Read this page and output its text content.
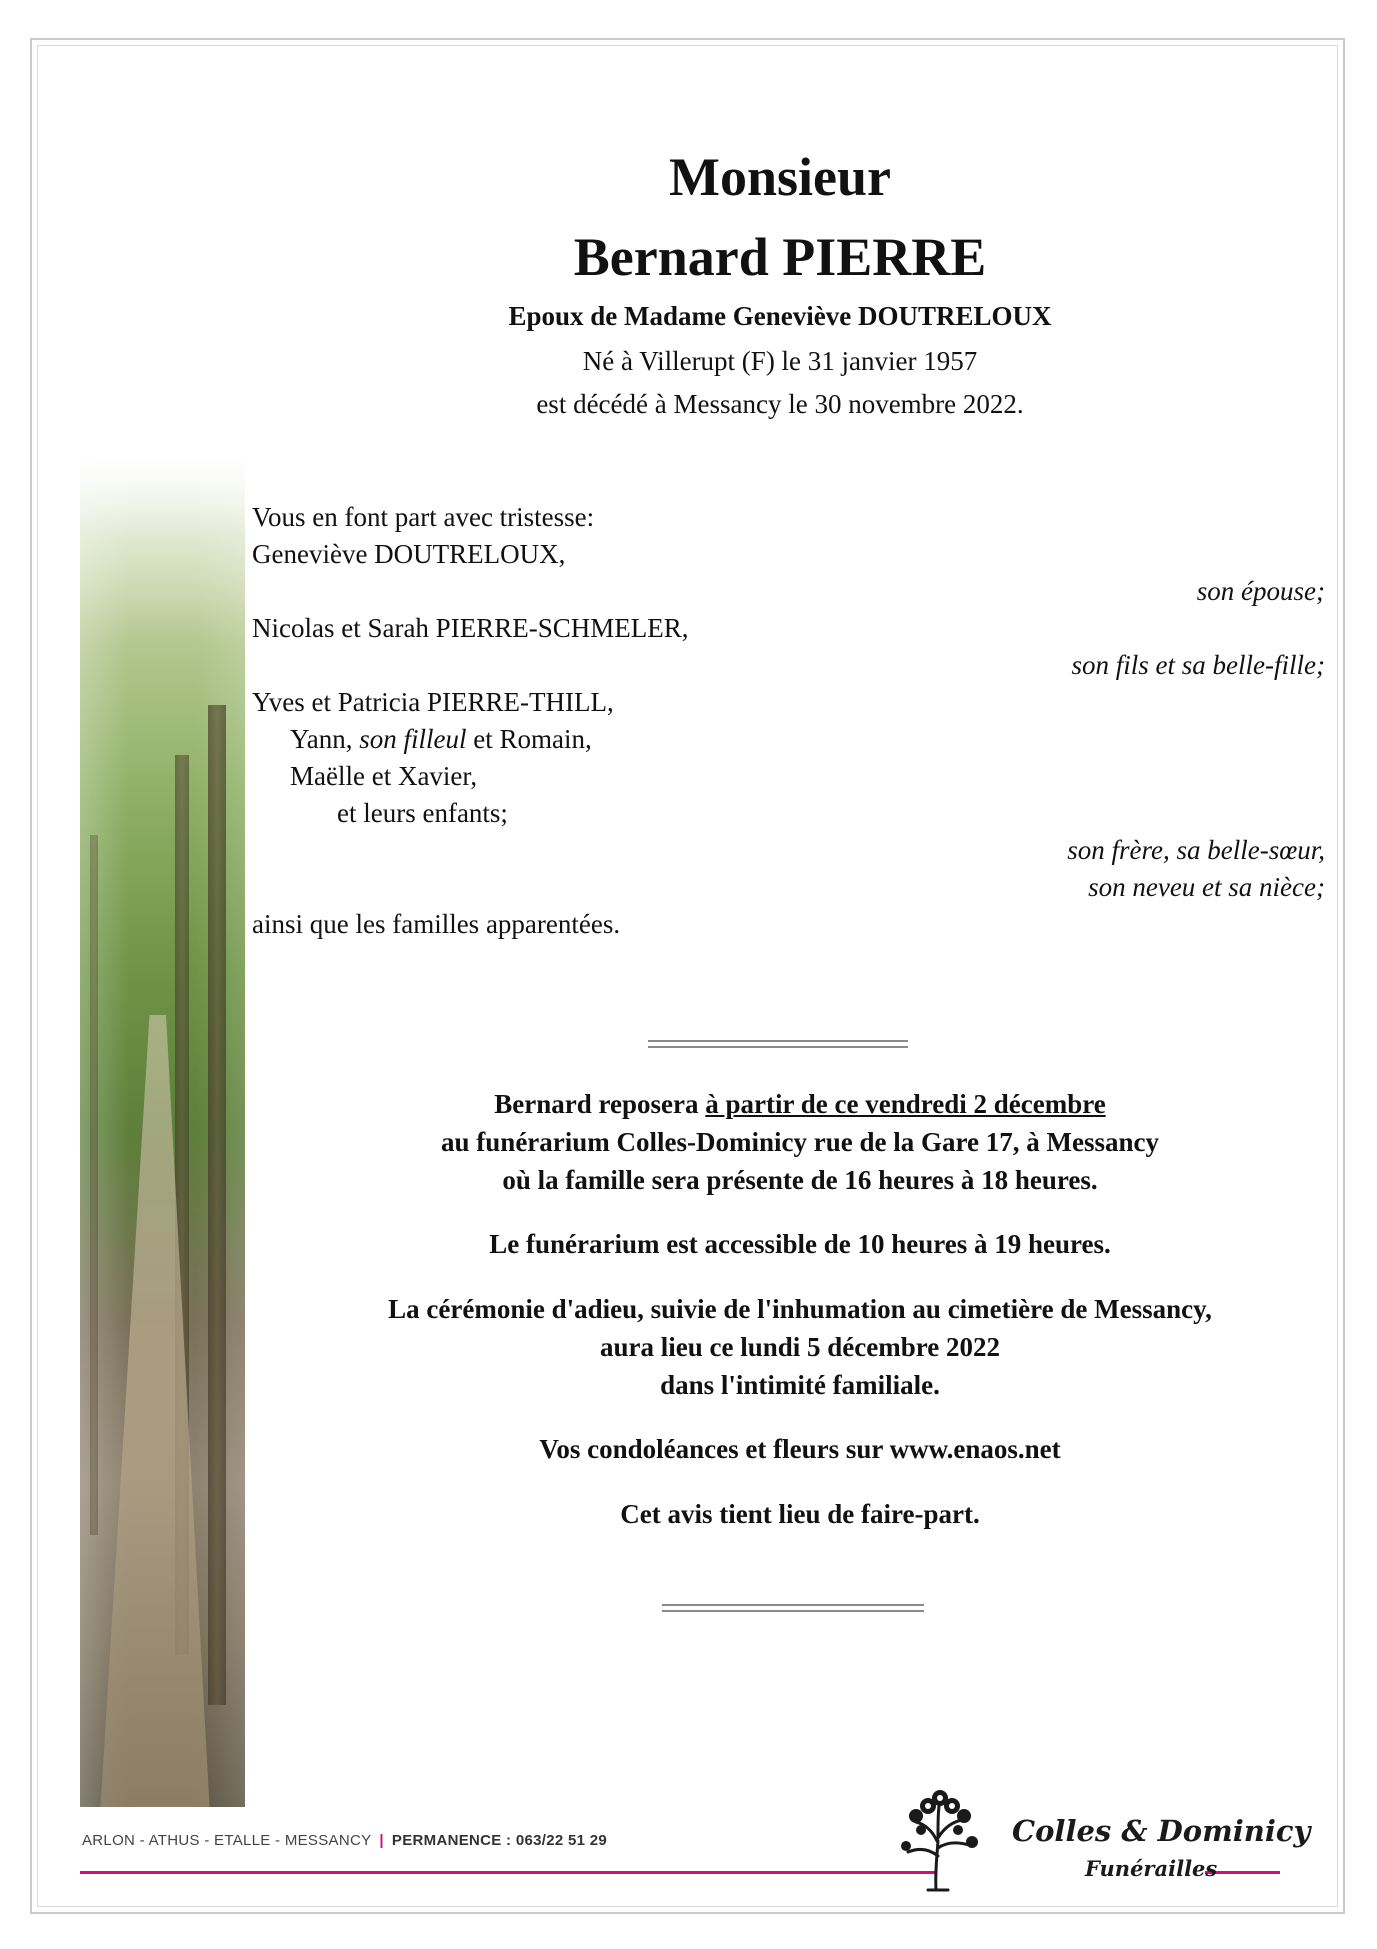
Monsieur
Bernard PIERRE
Epoux de Madame Geneviève DOUTRELOUX
Né à Villerupt (F) le 31 janvier 1957
est décédé à Messancy le 30 novembre 2022.
Vous en font part avec tristesse:
Geneviève DOUTRELOUX,
son épouse;
Nicolas et Sarah PIERRE-SCHMELER,
son fils et sa belle-fille;
Yves et Patricia PIERRE-THILL,
Yann, son filleul et Romain,
Maëlle et Xavier,
et leurs enfants;
son frère, sa belle-sœur,
son neveu et sa nièce;
ainsi que les familles apparentées.
Bernard reposera à partir de ce vendredi 2 décembre
au funérarium Colles-Dominicy rue de la Gare 17, à Messancy
où la famille sera présente de 16 heures à 18 heures.
Le funérarium est accessible de 10 heures à 19 heures.
La cérémonie d'adieu, suivie de l'inhumation au cimetière de Messancy,
aura lieu ce lundi 5 décembre 2022
dans l'intimité familiale.
Vos condoléances et fleurs sur www.enaos.net
Cet avis tient lieu de faire-part.
ARLON - ATHUS - ETALLE - MESSANCY | PERMANENCE : 063/22 51 29	Colles & Dominicy
Funérailles
